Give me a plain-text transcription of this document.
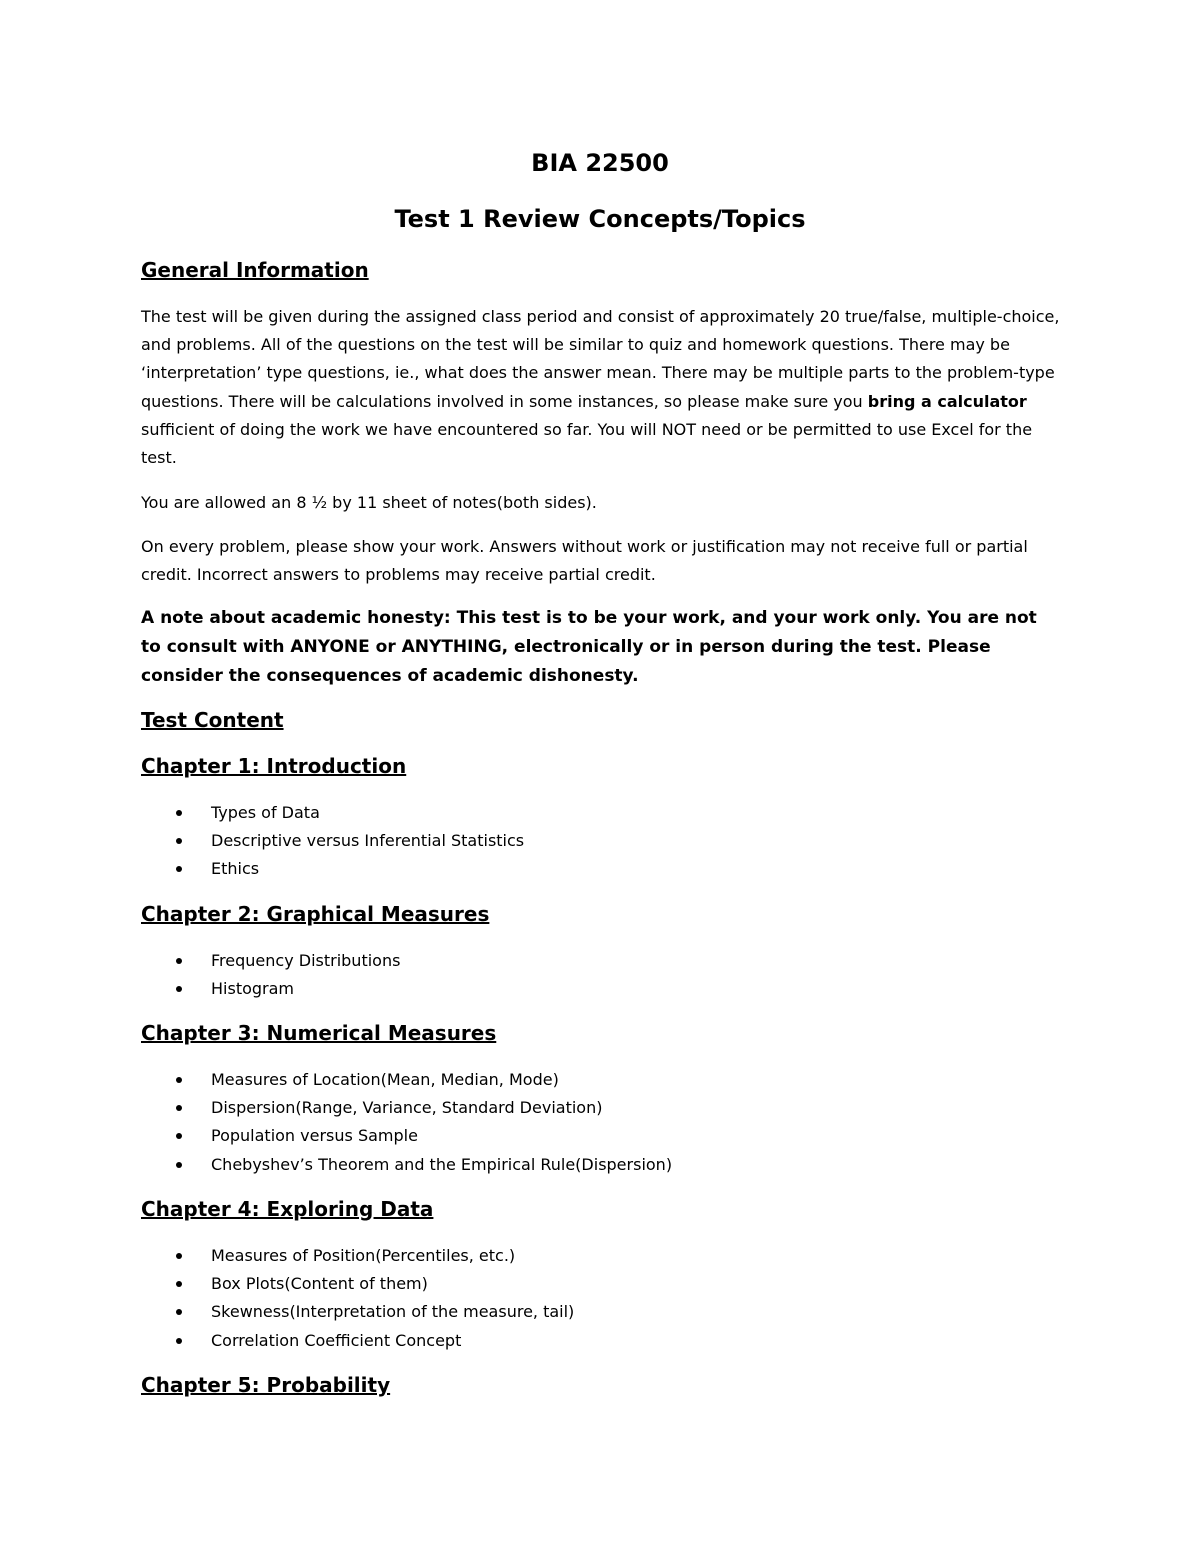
BIA 22500
Test 1 Review Concepts/Topics
General Information

The test will be given during the assigned class period and consist of approximately 20 true/false, multiple-choice, and problems. All of the questions on the test will be similar to quiz and homework questions. There may be ‘interpretation’ type questions, ie., what does the answer mean. There may be multiple parts to the problem-type questions. There will be calculations involved in some instances, so please make sure you bring a calculator sufficient of doing the work we have encountered so far. You will NOT need or be permitted to use Excel for the test.

You are allowed an 8 ½ by 11 sheet of notes(both sides).

On every problem, please show your work. Answers without work or justification may not receive full or partial credit. Incorrect answers to problems may receive partial credit.

A note about academic honesty: This test is to be your work, and your work only. You are not to consult with ANYONE or ANYTHING, electronically or in person during the test. Please consider the consequences of academic dishonesty.

Test Content
Chapter 1: Introduction
Types of Data
Descriptive versus Inferential Statistics
Ethics
Chapter 2: Graphical Measures
Frequency Distributions
Histogram
Chapter 3: Numerical Measures
Measures of Location(Mean, Median, Mode)
Dispersion(Range, Variance, Standard Deviation)
Population versus Sample
Chebyshev’s Theorem and the Empirical Rule(Dispersion)
Chapter 4: Exploring Data
Measures of Position(Percentiles, etc.)
Box Plots(Content of them)
Skewness(Interpretation of the measure, tail)
Correlation Coefficient Concept
Chapter 5: Probability
